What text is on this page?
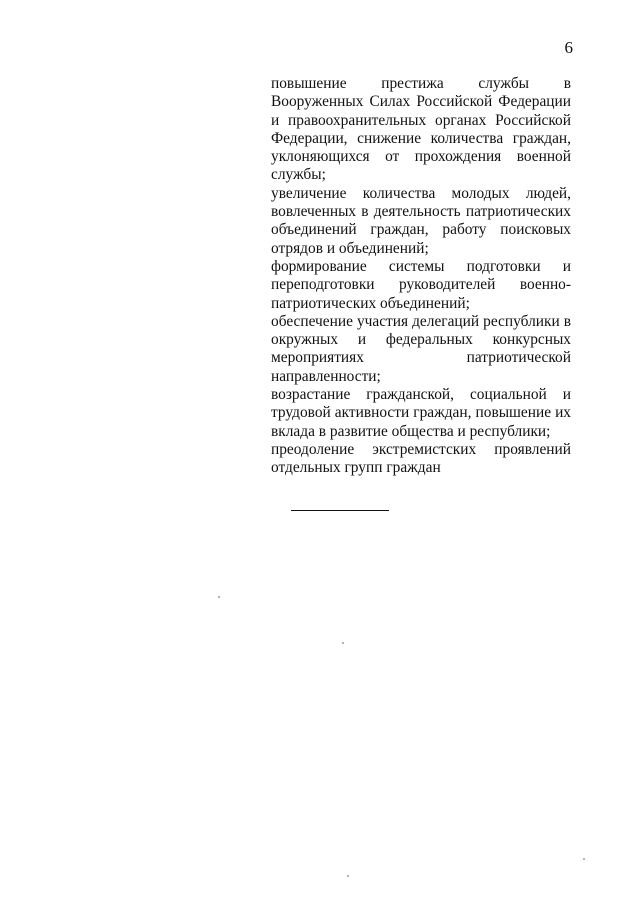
6

повышение престижа службы в Вооруженных Силах Российской Федерации и правоохранительных органах Российской Федерации, снижение количества граждан, уклоняющихся от прохождения военной службы;

увеличение количества молодых людей, вовлеченных в деятельность патриотических объединений граждан, работу поисковых отрядов и объединений;

формирование системы подготовки и переподготовки руководителей военно-патриотических объединений;

обеспечение участия делегаций республики в окружных и федеральных конкурсных мероприятиях патриотической направленности;

возрастание гражданской, социальной и трудовой активности граждан, повышение их вклада в развитие общества и республики;

преодоление экстремистских проявлений отдельных групп граждан
